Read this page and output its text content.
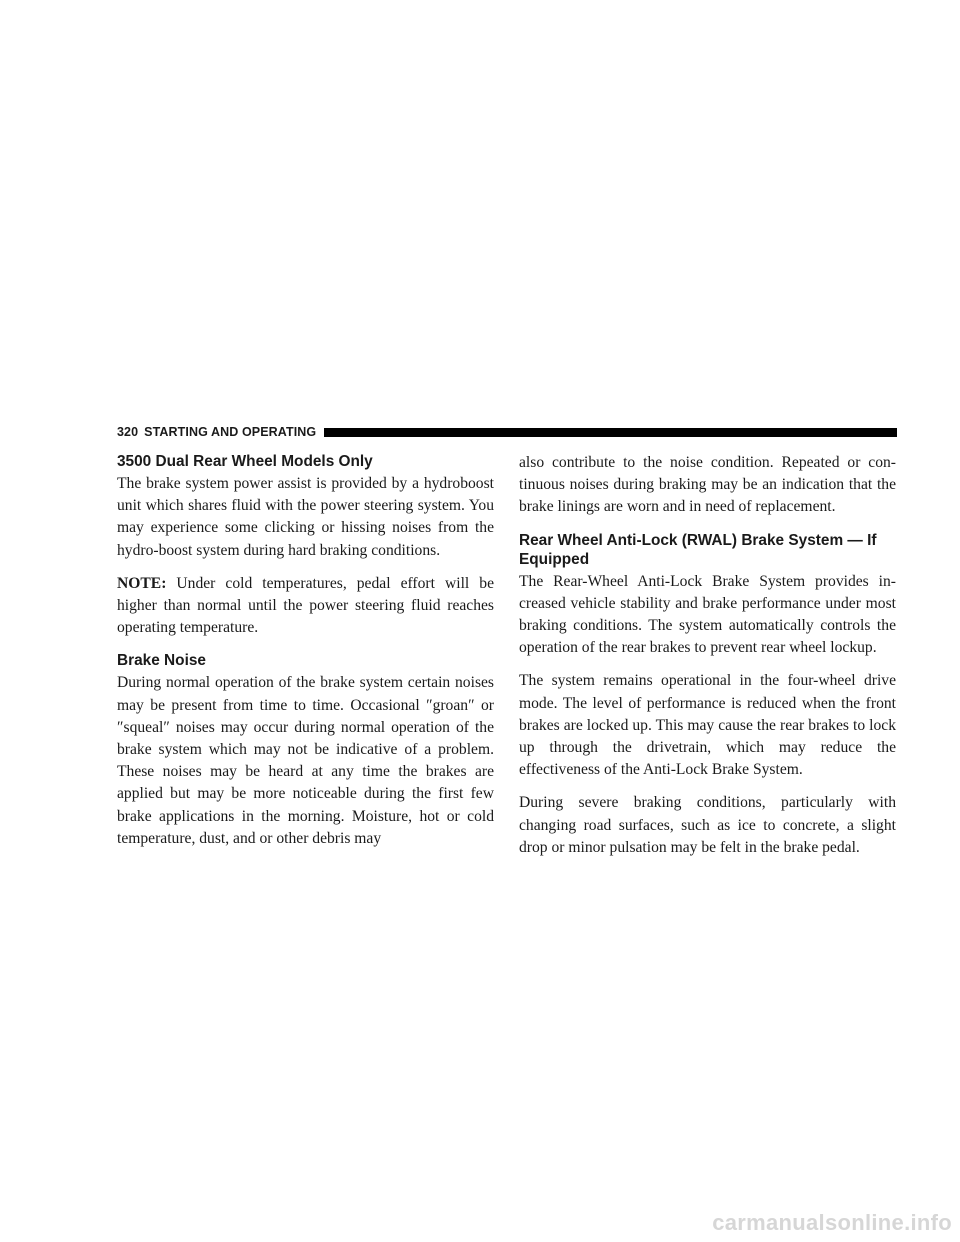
320 STARTING AND OPERATING
3500 Dual Rear Wheel Models Only

The brake system power assist is provided by a hydroboost unit which shares fluid with the power steering system. You may experience some clicking or hissing noises from the hydro-boost system during hard braking conditions.

NOTE: Under cold temperatures, pedal effort will be higher than normal until the power steering fluid reaches operating temperature.

Brake Noise

During normal operation of the brake system certain noises may be present from time to time. Occasional ″groan″ or ″squeal″ noises may occur during normal operation of the brake system which may not be indicative of a problem. These noises may be heard at any time the brakes are applied but may be more noticeable during the first few brake applications in the morning. Moisture, hot or cold temperature, dust, and or other debris may

also contribute to the noise condition. Repeated or continuous noises during braking may be an indication that the brake linings are worn and in need of replacement.

Rear Wheel Anti-Lock (RWAL) Brake System — If Equipped

The Rear-Wheel Anti-Lock Brake System provides increased vehicle stability and brake performance under most braking conditions. The system automatically controls the operation of the rear brakes to prevent rear wheel lockup.

The system remains operational in the four-wheel drive mode. The level of performance is reduced when the front brakes are locked up. This may cause the rear brakes to lock up through the drivetrain, which may reduce the effectiveness of the Anti-Lock Brake System.

During severe braking conditions, particularly with changing road surfaces, such as ice to concrete, a slight drop or minor pulsation may be felt in the brake pedal.

carmanualsonline.info
